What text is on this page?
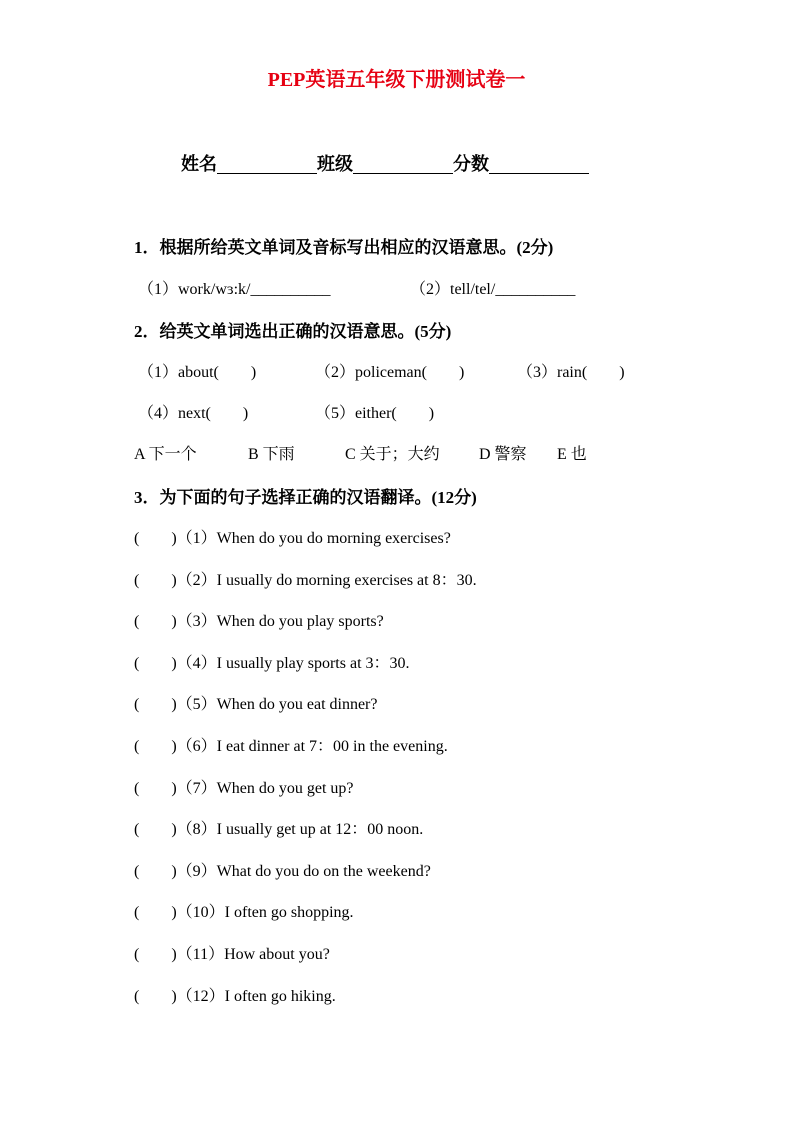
PEP英语五年级下册测试卷一
姓名	班级	分数
1．根据所给英文单词及音标写出相应的汉语意思。(2分)
（1）work/wɜ:k/__________	（2）tell/tel/__________
2．给英文单词选出正确的汉语意思。(5分)
（1）about(　　)	（2）policeman(　　)	（3）rain(　　)
（4）next(　　)	（5）either(　　)
A 下一个	B 下雨	C 关于；大约 D 警察 E 也
3．为下面的句子选择正确的汉语翻译。(12分)
(　　)（1）When do you do morning exercises?
(　　)（2）I usually do morning exercises at 8：30.
(　　)（3）When do you play sports?
(　　)（4）I usually play sports at 3：30.
(　　)（5）When do you eat dinner?
(　　)（6）I eat dinner at 7：00 in the evening.
(　　)（7）When do you get up?
(　　)（8）I usually get up at 12：00 noon.
(　　)（9）What do you do on the weekend?
(　　)（10）I often go shopping.
(　　)（11）How about you?
(　　)（12）I often go hiking.
